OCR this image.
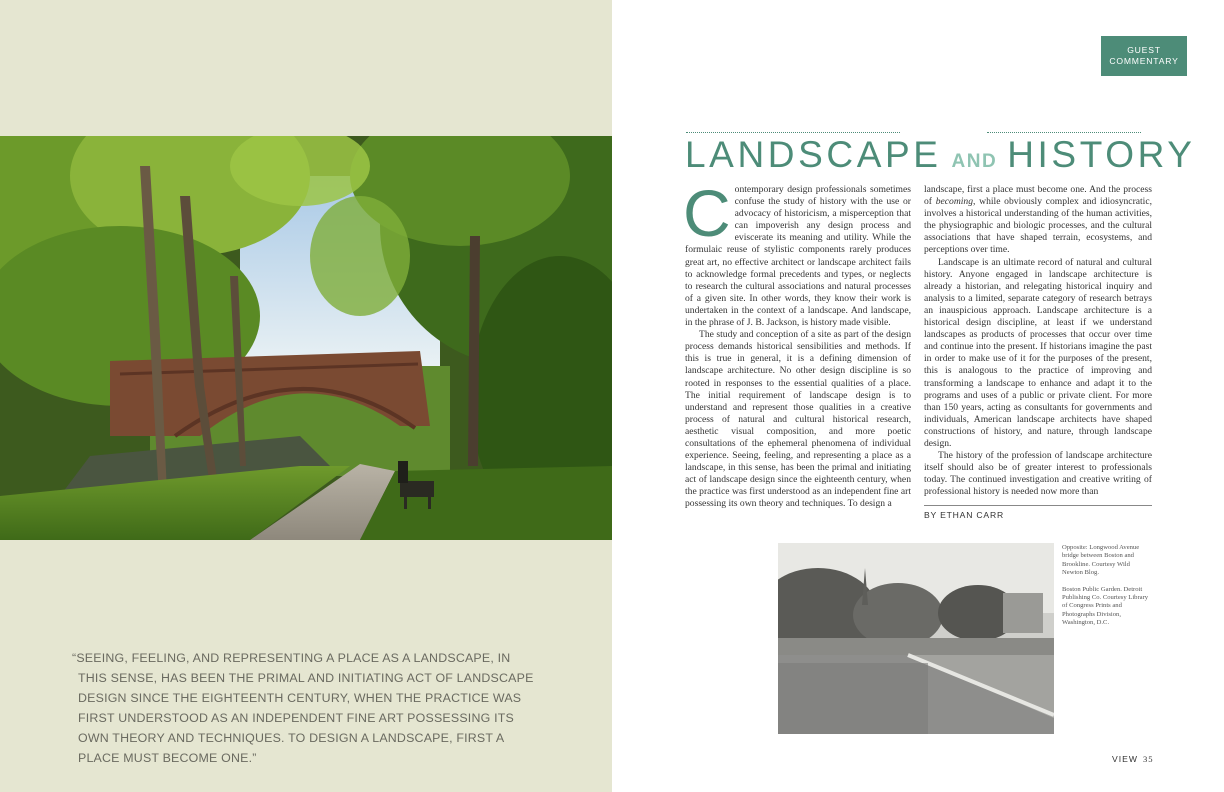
“SEEING, FEELING, AND REPRESENTING A PLACE AS A LANDSCAPE, IN THIS SENSE, HAS BEEN THE PRIMAL AND INITIATING ACT OF LANDSCAPE DESIGN SINCE THE EIGHTEENTH CENTURY, WHEN THE PRACTICE WAS FIRST UNDERSTOOD AS AN INDEPENDENT FINE ART POSSESSING ITS OWN THEORY AND TECHNIQUES. TO DESIGN A LANDSCAPE, FIRST A PLACE MUST BECOME ONE.”

GUEST
COMMENTARY
LANDSCAPE AND HISTORY

Contemporary design professionals sometimes confuse the study of history with the use or advocacy of historicism, a misperception that can impoverish any design process and eviscerate its meaning and utility. While the formulaic reuse of stylistic components rarely produces great art, no effective architect or landscape architect fails to acknowledge formal precedents and types, or neglects to research the cultural associations and natural processes of a given site. In other words, they know their work is undertaken in the context of a landscape. And landscape, in the phrase of J. B. Jackson, is history made visible.

The study and conception of a site as part of the design process demands historical sensibilities and methods. If this is true in general, it is a defining dimension of landscape architecture. No other design discipline is so rooted in responses to the essential qualities of a place. The initial requirement of landscape design is to understand and represent those qualities in a creative process of natural and cultural historical research, aesthetic visual composition, and more poetic consultations of the ephemeral phenomena of individual experience. Seeing, feeling, and representing a place as a landscape, in this sense, has been the primal and initiating act of landscape design since the eighteenth century, when the practice was first understood as an independent fine art possessing its own theory and techniques. To design a

landscape, first a place must become one. And the process of becoming, while obviously complex and idiosyncratic, involves a historical understanding of the human activities, the physiographic and biologic processes, and the cultural associations that have shaped terrain, ecosystems, and perceptions over time.

Landscape is an ultimate record of natural and cultural history. Anyone engaged in landscape architecture is already a historian, and relegating historical inquiry and analysis to a limited, separate category of research betrays an inauspicious approach. Landscape architecture is a historical design discipline, at least if we understand landscapes as products of processes that occur over time and continue into the present. If historians imagine the past in order to make use of it for the purposes of the present, this is analogous to the practice of improving and transforming a landscape to enhance and adapt it to the programs and uses of a public or private client. For more than 150 years, acting as consultants for governments and individuals, American landscape architects have shaped constructions of history, and nature, through landscape design.

The history of the profession of landscape architecture itself should also be of greater interest to professionals today. The continued investigation and creative writing of professional history is needed now more than

BY ETHAN CARR

Opposite: Longwood Avenue bridge between Boston and Brookline. Courtesy Wild Newton Blog.

Boston Public Garden. Detroit Publishing Co. Courtesy Library of Congress Prints and Photographs Division, Washington, D.C.

VIEW 35
